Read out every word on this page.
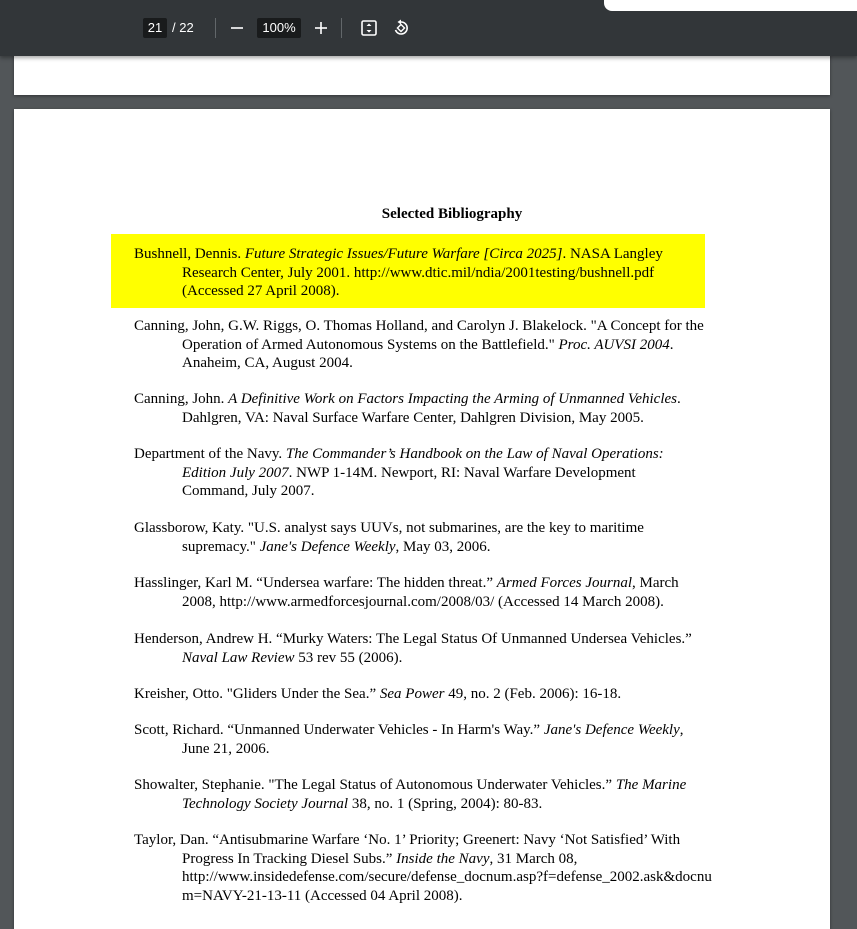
21 / 22	100%
Selected Bibliography
Bushnell, Dennis. Future Strategic Issues/Future Warfare [Circa 2025]. NASA Langley
Research Center, July 2001. http://www.dtic.mil/ndia/2001testing/bushnell.pdf
(Accessed 27 April 2008).
Canning, John, G.W. Riggs, O. Thomas Holland, and Carolyn J. Blakelock. "A Concept for the
Operation of Armed Autonomous Systems on the Battlefield." Proc. AUVSI 2004.
Anaheim, CA, August 2004.
Canning, John. A Definitive Work on Factors Impacting the Arming of Unmanned Vehicles.
Dahlgren, VA: Naval Surface Warfare Center, Dahlgren Division, May 2005.
Department of the Navy. The Commander’s Handbook on the Law of Naval Operations:
Edition July 2007. NWP 1-14M. Newport, RI: Naval Warfare Development
Command, July 2007.
Glassborow, Katy. "U.S. analyst says UUVs, not submarines, are the key to maritime
supremacy." Jane's Defence Weekly, May 03, 2006.
Hasslinger, Karl M. “Undersea warfare: The hidden threat.” Armed Forces Journal, March
2008, http://www.armedforcesjournal.com/2008/03/ (Accessed 14 March 2008).
Henderson, Andrew H. “Murky Waters: The Legal Status Of Unmanned Undersea Vehicles.”
Naval Law Review 53 rev 55 (2006).
Kreisher, Otto. "Gliders Under the Sea.” Sea Power 49, no. 2 (Feb. 2006): 16-18.
Scott, Richard. “Unmanned Underwater Vehicles - In Harm's Way.” Jane's Defence Weekly,
June 21, 2006.
Showalter, Stephanie. "The Legal Status of Autonomous Underwater Vehicles.” The Marine
Technology Society Journal 38, no. 1 (Spring, 2004): 80-83.
Taylor, Dan. “Antisubmarine Warfare ‘No. 1’ Priority; Greenert: Navy ‘Not Satisfied’ With
Progress In Tracking Diesel Subs.” Inside the Navy, 31 March 08,
http://www.insidedefense.com/secure/defense_docnum.asp?f=defense_2002.ask&docnu
m=NAVY-21-13-11 (Accessed 04 April 2008).
